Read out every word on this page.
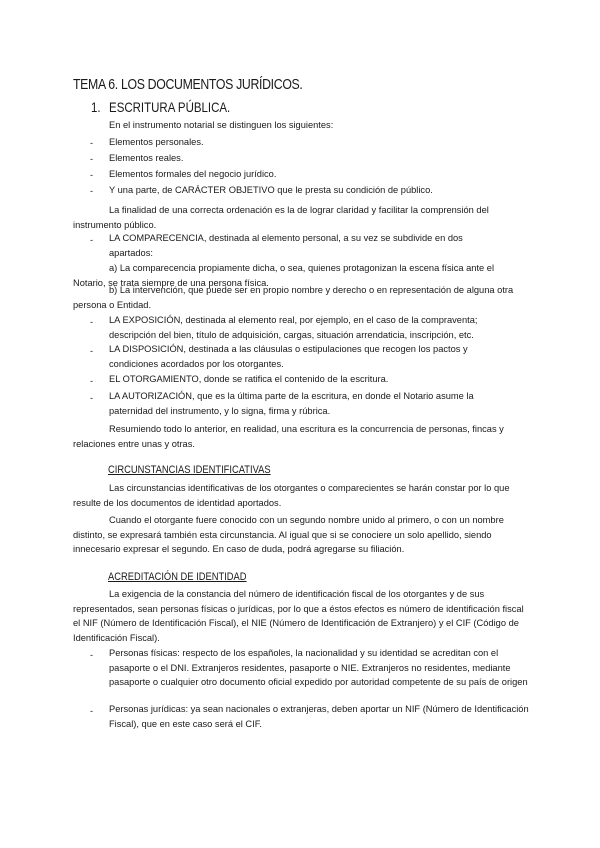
TEMA 6. LOS DOCUMENTOS JURÍDICOS.
1. ESCRITURA PÚBLICA.
En el instrumento notarial se distinguen los siguientes:
- Elementos personales.
- Elementos reales.
- Elementos formales del negocio jurídico.
- Y una parte, de CARÁCTER OBJETIVO que le presta su condición de público.
La finalidad de una correcta ordenación es la de lograr claridad y facilitar la comprensión del instrumento público.
- LA COMPARECENCIA, destinada al elemento personal, a su vez se subdivide en dos apartados:
a) La comparecencia propiamente dicha, o sea, quienes protagonizan la escena física ante el Notario, se trata siempre de una persona física.
b) La intervención, que puede ser en propio nombre y derecho o en representación de alguna otra persona o Entidad.
- LA EXPOSICIÓN, destinada al elemento real, por ejemplo, en el caso de la compraventa; descripción del bien, título de adquisición, cargas, situación arrendaticia, inscripción, etc.
- LA DISPOSICIÓN, destinada a las cláusulas o estipulaciones que recogen los pactos y condiciones acordados por los otorgantes.
- EL OTORGAMIENTO, donde se ratifica el contenido de la escritura.
- LA AUTORIZACIÓN, que es la última parte de la escritura, en donde el Notario asume la paternidad del instrumento, y lo signa, firma y rúbrica.
Resumiendo todo lo anterior, en realidad, una escritura es la concurrencia de personas, fincas y relaciones entre unas y otras.
CIRCUNSTANCIAS IDENTIFICATIVAS
Las circunstancias identificativas de los otorgantes o comparecientes se harán constar por lo que resulte de los documentos de identidad aportados.
Cuando el otorgante fuere conocido con un segundo nombre unido al primero, o con un nombre distinto, se expresará también esta circunstancia. Al igual que si se conociere un solo apellido, siendo innecesario expresar el segundo. En caso de duda, podrá agregarse su filiación.
ACREDITACIÓN DE IDENTIDAD
La exigencia de la constancia del número de identificación fiscal de los otorgantes y de sus representados, sean personas físicas o jurídicas, por lo que a éstos efectos es número de identificación fiscal el NIF (Número de Identificación Fiscal), el NIE (Número de Identificación de Extranjero) y el CIF (Código de Identificación Fiscal).
- Personas físicas: respecto de los españoles, la nacionalidad y su identidad se acreditan con el pasaporte o el DNI. Extranjeros residentes, pasaporte o NIE. Extranjeros no residentes, mediante pasaporte o cualquier otro documento oficial expedido por autoridad competente de su país de origen
- Personas jurídicas: ya sean nacionales o extranjeras, deben aportar un NIF (Número de Identificación Fiscal), que en este caso será el CIF.
